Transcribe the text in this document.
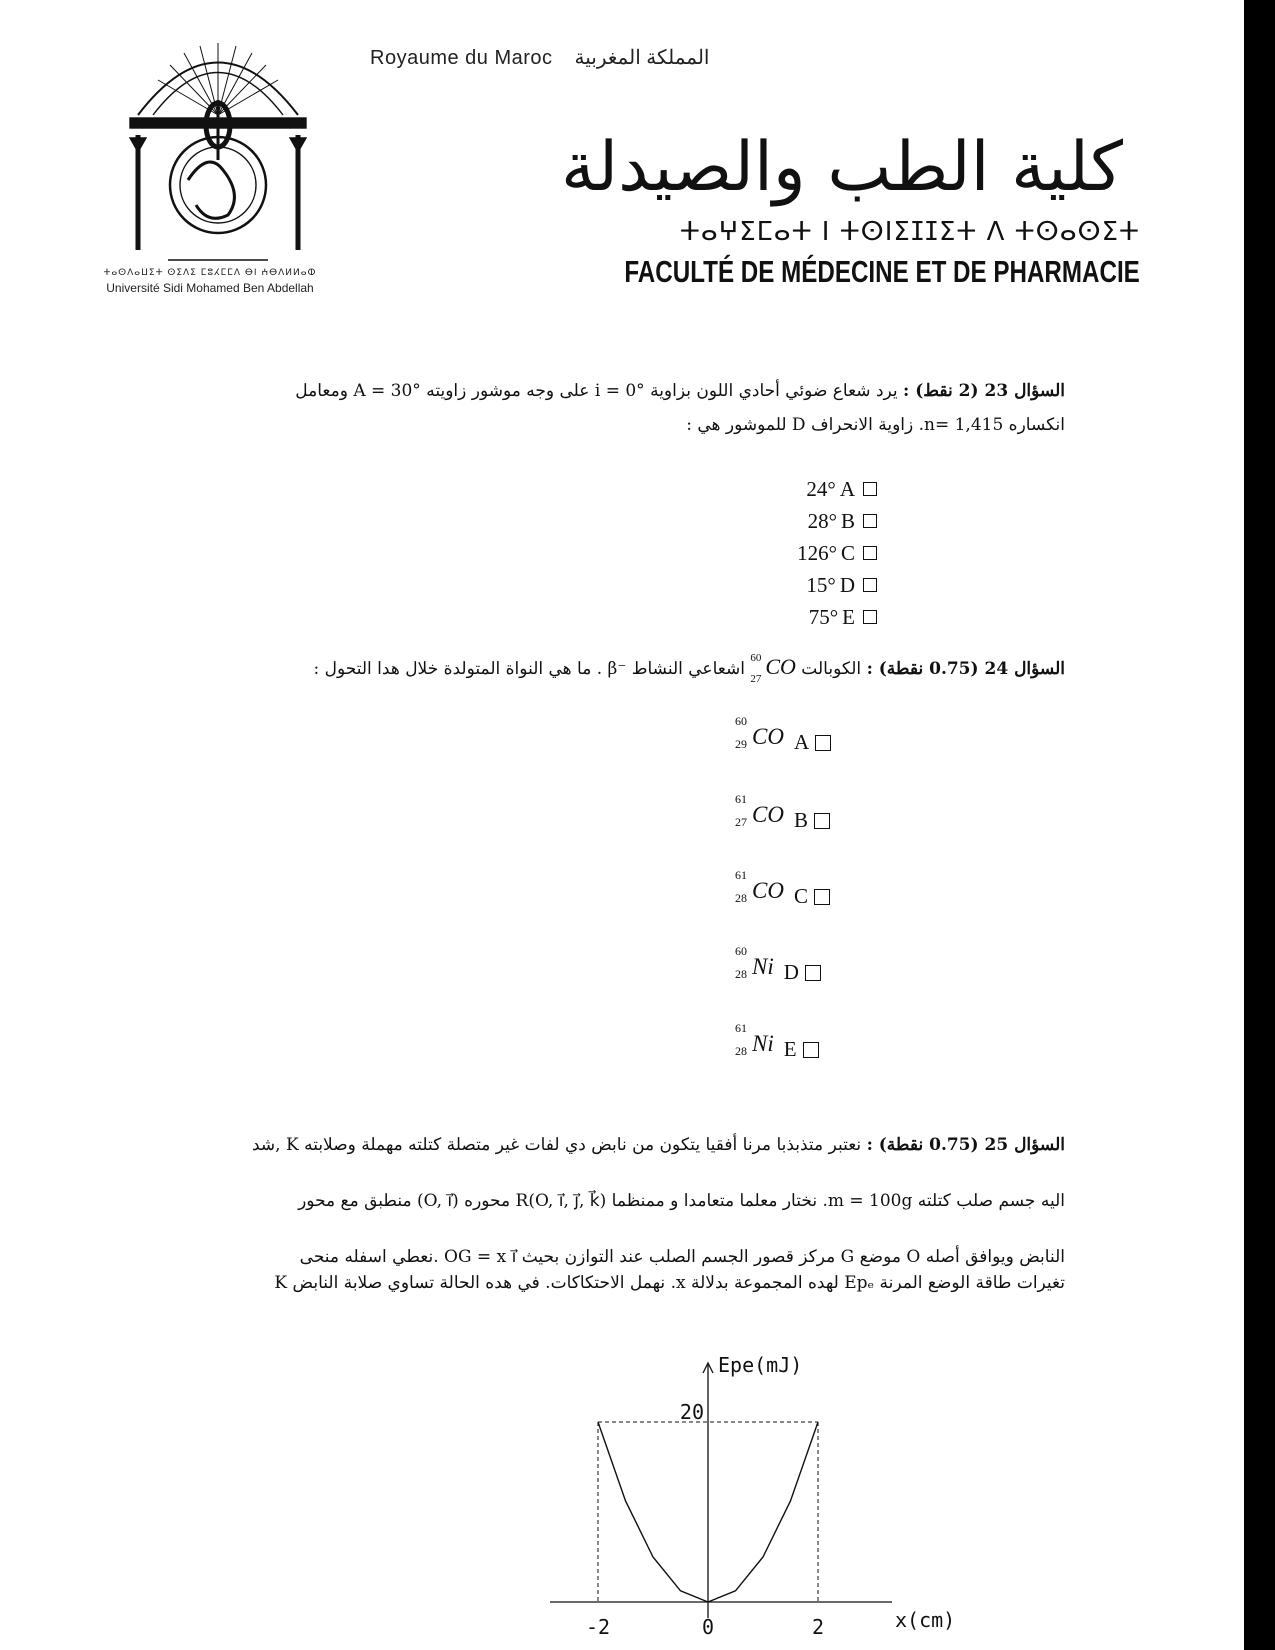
ⵜⴰⵙⴷⴰⵡⵉⵜ ⵙⵉⴷⵉ ⵎⵓⵃⵎⵎⴷ ⴱⵏ ⵄⴱⴷⵍⵍⴰⵀ
Université Sidi Mohamed Ben Abdellah
Royaume du Maroc المملكة المغربية
كلية الطب والصيدلة
ⵜⴰⵖⵉⵎⴰⵜ ⵏ ⵜⵙⵏⵉⵊⵊⵉⵜ ⴷ ⵜⵙⴰⵙⵉⵜ
FACULTÉ DE MÉDECINE ET DE PHARMACIE
السؤال 23 (2 نقط) : يرد شعاع ضوئي أحادي اللون بزاوية i = 0° على وجه موشور زاويته A = 30° ومعامل
انكساره n= 1,415. زاوية الانحراف D للموشور هي :
A
24°
B
28°
C
126°
D
15°
E
75°
السؤال 24 (0.75 نقطة) : الكوبالت
60
27 CO اشعاعي النشاط ⁻β . ما هي النواة المتولدة خلال هدا التحول :
60
29 CO A
61
27 CO B
61
28 CO C
60
28 Ni D
61
28 Ni E
السؤال 25 (0.75 نقطة) : نعتبر متذبذبا مرنا أفقيا يتكون من نابض دي لفات غير متصلة كتلته مهملة وصلابته K ,شد
اليه جسم صلب كتلته m = 100g. نختار معلما متعامدا و ممنظما R(O, i⃗, j⃗, k⃗) محوره (O, i⃗) منطبق مع محور
النابض ويوافق أصله O موضع G مركز قصور الجسم الصلب عند التوازن بحيث OG = x i⃗ .نعطي اسفله منحى
تغيرات طاقة الوضع المرنة Epₑ لهده المجموعة بدلالة x. نهمل الاحتكاكات. في هده الحالة تساوي صلابة النابض K
Epe(mJ)
x(cm)
-2	0	2
20
